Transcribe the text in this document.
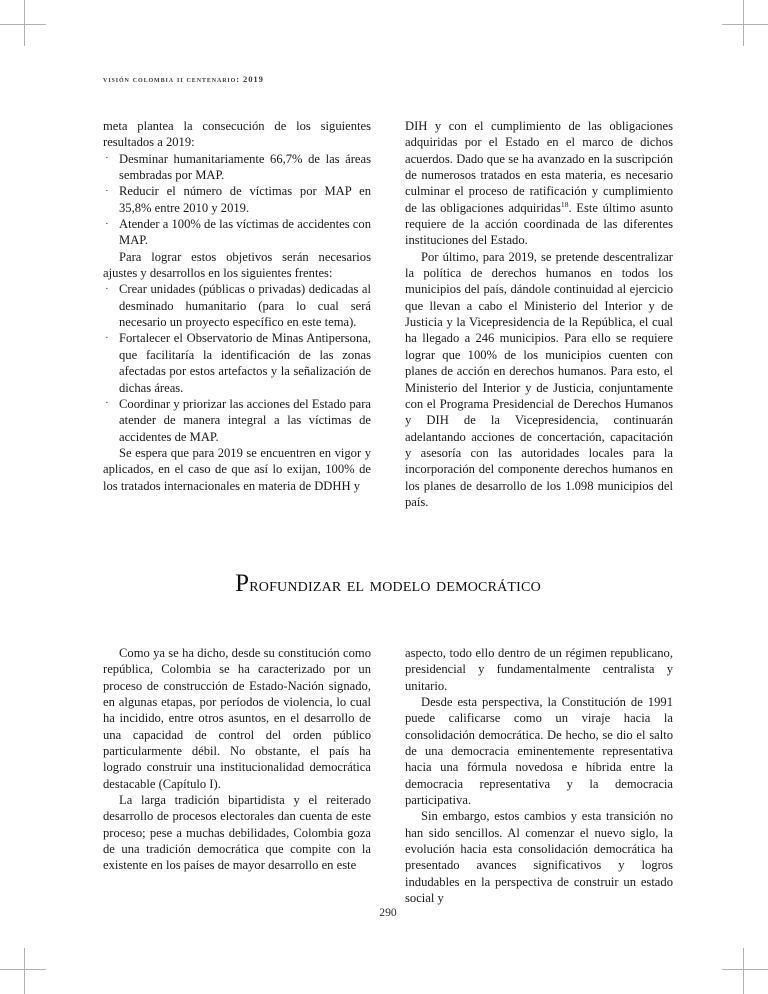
visión colombia ii centenario: 2019

meta plantea la consecución de los siguientes resultados a 2019:

· Desminar humanitariamente 66,7% de las áreas sembradas por MAP.
· Reducir el número de víctimas por MAP en 35,8% entre 2010 y 2019.
· Atender a 100% de las víctimas de accidentes con MAP.

Para lograr estos objetivos serán necesarios ajustes y desarrollos en los siguientes frentes:

· Crear unidades (públicas o privadas) dedicadas al desminado humanitario (para lo cual será necesario un proyecto específico en este tema).
· Fortalecer el Observatorio de Minas Antipersona, que facilitaría la identificación de las zonas afectadas por estos artefactos y la señalización de dichas áreas.
· Coordinar y priorizar las acciones del Estado para atender de manera integral a las víctimas de accidentes de MAP.

Se espera que para 2019 se encuentren en vigor y aplicados, en el caso de que así lo exijan, 100% de los tratados internacionales en materia de DDHH y

DIH y con el cumplimiento de las obligaciones adquiridas por el Estado en el marco de dichos acuerdos. Dado que se ha avanzado en la suscripción de numerosos tratados en esta materia, es necesario culminar el proceso de ratificación y cumplimiento de las obligaciones adquiridas$^{18}$. Este último asunto requiere de la acción coordinada de las diferentes instituciones del Estado.

Por último, para 2019, se pretende descentralizar la política de derechos humanos en todos los municipios del país, dándole continuidad al ejercicio que llevan a cabo el Ministerio del Interior y de Justicia y la Vicepresidencia de la República, el cual ha llegado a 246 municipios. Para ello se requiere lograr que 100% de los municipios cuenten con planes de acción en derechos humanos. Para esto, el Ministerio del Interior y de Justicia, conjuntamente con el Programa Presidencial de Derechos Humanos y DIH de la Vicepresidencia, continuarán adelantando acciones de concertación, capacitación y asesoría con las autoridades locales para la incorporación del componente derechos humanos en los planes de desarrollo de los 1.098 municipios del país.

Profundizar el modelo democrático

Como ya se ha dicho, desde su constitución como república, Colombia se ha caracterizado por un proceso de construcción de Estado-Nación signado, en algunas etapas, por períodos de violencia, lo cual ha incidido, entre otros asuntos, en el desarrollo de una capacidad de control del orden público particularmente débil. No obstante, el país ha logrado construir una institucionalidad democrática destacable (Capítulo I).

La larga tradición bipartidista y el reiterado desarrollo de procesos electorales dan cuenta de este proceso; pese a muchas debilidades, Colombia goza de una tradición democrática que compite con la existente en los países de mayor desarrollo en este

aspecto, todo ello dentro de un régimen republicano, presidencial y fundamentalmente centralista y unitario.

Desde esta perspectiva, la Constitución de 1991 puede calificarse como un viraje hacia la consolidación democrática. De hecho, se dio el salto de una democracia eminentemente representativa hacia una fórmula novedosa e híbrida entre la democracia representativa y la democracia participativa.

Sin embargo, estos cambios y esta transición no han sido sencillos. Al comenzar el nuevo siglo, la evolución hacia esta consolidación democrática ha presentado avances significativos y logros indudables en la perspectiva de construir un estado social y

290
